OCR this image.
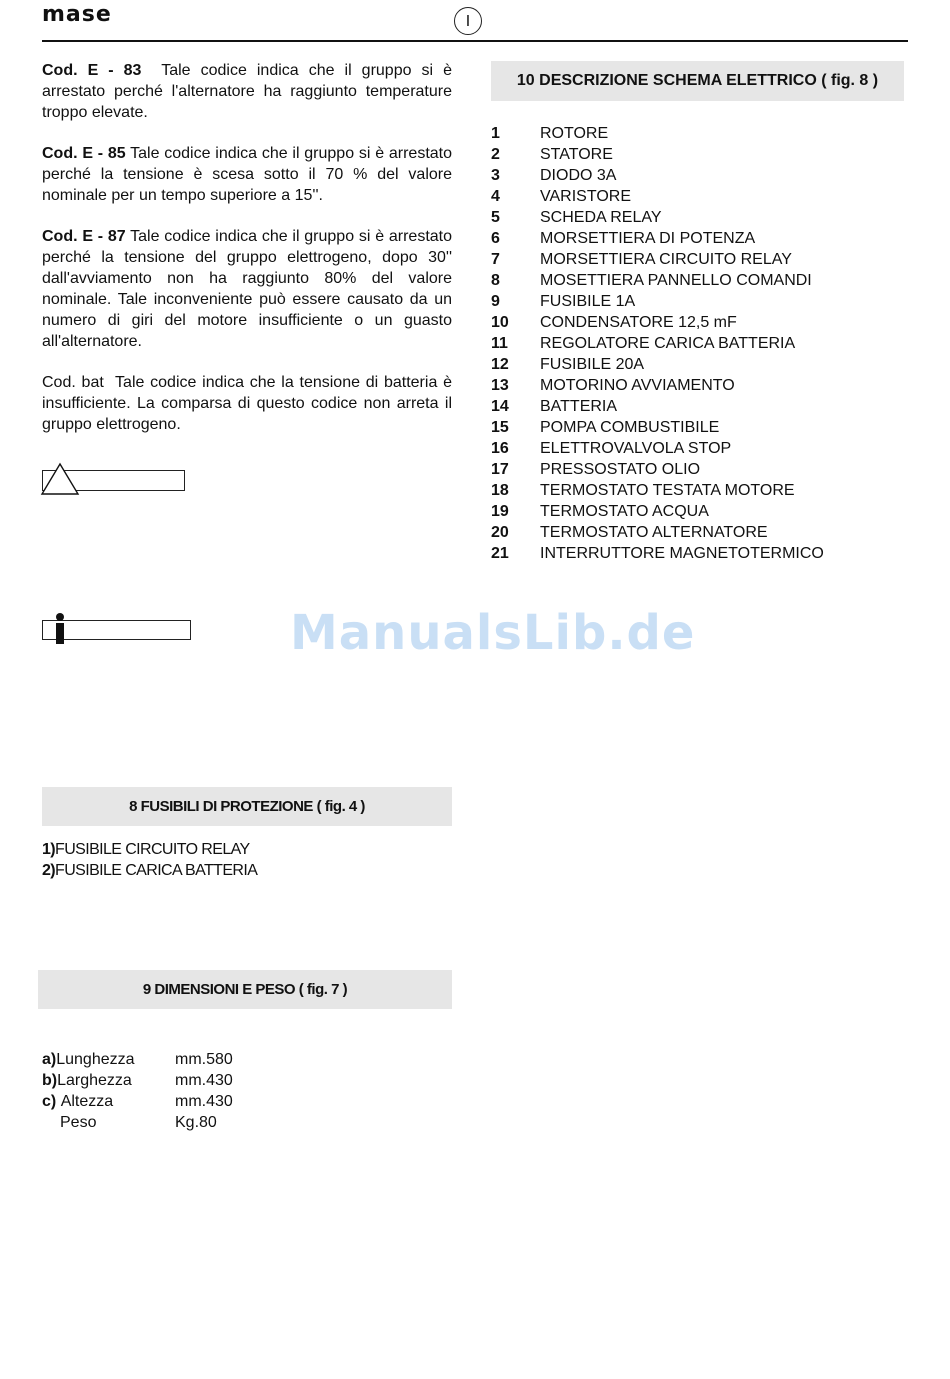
mase	I
Cod. E - 83 Tale codice indica che il gruppo si è arrestato perché l'alternatore ha raggiunto temperature troppo elevate.
Cod. E - 85 Tale codice indica che il gruppo si è arrestato perché la tensione è scesa sotto il 70 % del valore nominale per un tempo superiore a 15''.
Cod. E - 87 Tale codice indica che il gruppo si è arrestato perché la tensione del gruppo elettrogeno, dopo 30'' dall'avviamento non ha raggiunto 80% del valore nominale. Tale inconveniente può essere causato da un numero di giri del motore insufficiente o un guasto all'alternatore.
Cod. bat Tale codice indica che la tensione di batteria è insufficiente. La comparsa di questo codice non arreta il gruppo elettrogeno.
ManualsLib.de
10 DESCRIZIONE SCHEMA ELETTRICO ( fig. 8 )
1	ROTORE
2	STATORE
3	DIODO 3A
4	VARISTORE
5	SCHEDA RELAY
6	MORSETTIERA DI POTENZA
7	MORSETTIERA CIRCUITO RELAY
8	MOSETTIERA PANNELLO COMANDI
9	FUSIBILE 1A
10 CONDENSATORE 12,5 mF
11 REGOLATORE CARICA BATTERIA
12 FUSIBILE 20A
13 MOTORINO AVVIAMENTO
14 BATTERIA
15 POMPA COMBUSTIBILE
16 ELETTROVALVOLA STOP
17 PRESSOSTATO OLIO
18 TERMOSTATO TESTATA MOTORE
19 TERMOSTATO ACQUA
20 TERMOSTATO ALTERNATORE
21 INTERRUTTORE MAGNETOTERMICO
8 FUSIBILI DI PROTEZIONE ( fig. 4 )
1)FUSIBILE CIRCUITO RELAY
2)FUSIBILE CARICA BATTERIA
9 DIMENSIONI E PESO ( fig. 7 )
a)Lunghezza	mm.580
b)Larghezza	mm.430
c) Altezza	mm.430
Peso	Kg.80
